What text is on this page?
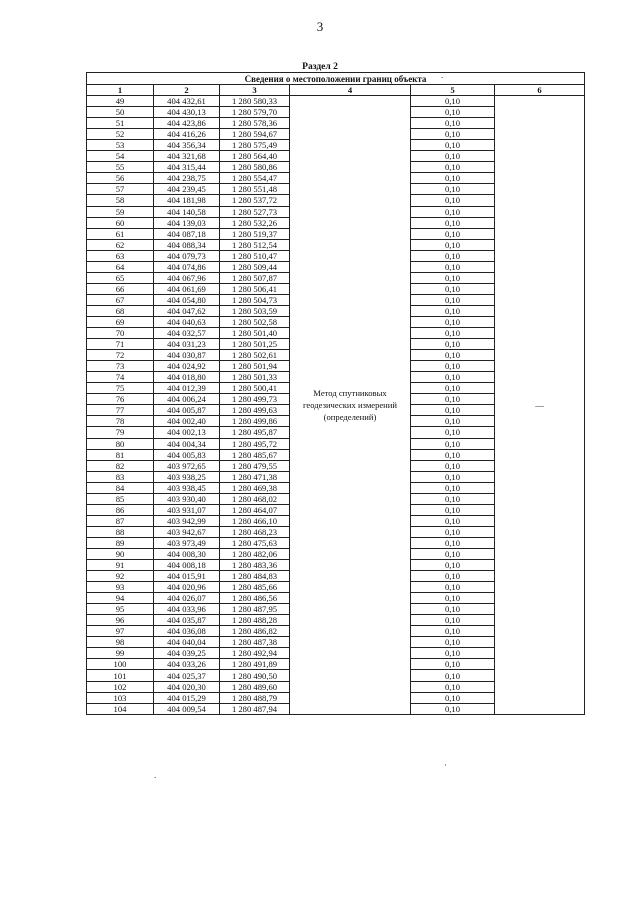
3
Раздел 2
Сведения о местоположении границ объекта					
1	2	3	4	5	6
49	404 432,61	1 280 580,33	Метод спутниковых геодезических измерений (определений)	0,10	—
50	404 430,13	1 280 579,70		0,10	
51	404 423,86	1 280 578,36		0,10	
52	404 416,26	1 280 594,67		0,10	
53	404 356,34	1 280 575,49		0,10	
54	404 321,68	1 280 564,40		0,10	
55	404 315,44	1 280 580,86		0,10	
56	404 238,75	1 280 554,47		0,10	
57	404 239,45	1 280 551,48		0,10	
58	404 181,98	1 280 537,72		0,10	
59	404 140,58	1 280 527,73		0,10	
60	404 139,03	1 280 532,26		0,10	
61	404 087,18	1 280 519,37		0,10	
62	404 088,34	1 280 512,54		0,10	
63	404 079,73	1 280 510,47		0,10	
64	404 074,86	1 280 509,44		0,10	
65	404 067,96	1 280 507,87		0,10	
66	404 061,69	1 280 506,41		0,10	
67	404 054,80	1 280 504,73		0,10	
68	404 047,62	1 280 503,59		0,10	
69	404 040,63	1 280 502,58		0,10	
70	404 032,57	1 280 501,40		0,10	
71	404 031,23	1 280 501,25		0,10	
72	404 030,87	1 280 502,61		0,10	
73	404 024,92	1 280 501,94		0,10	
74	404 018,80	1 280 501,33		0,10	
75	404 012,39	1 280 500,41		0,10	
76	404 006,24	1 280 499,73		0,10	
77	404 005,87	1 280 499,63		0,10	
78	404 002,40	1 280 499,86		0,10	
79	404 002,13	1 280 495,87		0,10	
80	404 004,34	1 280 495,72		0,10	
81	404 005,83	1 280 485,67		0,10	
82	403 972,65	1 280 479,55		0,10	
83	403 938,25	1 280 471,38		0,10	
84	403 938,45	1 280 469,38		0,10	
85	403 930,40	1 280 468,02		0,10	
86	403 931,07	1 280 464,07		0,10	
87	403 942,99	1 280 466,10		0,10	
88	403 942,67	1 280 468,23		0,10	
89	403 973,49	1 280 475,63		0,10	
90	404 008,30	1 280 482,06		0,10	
91	404 008,18	1 280 483,36		0,10	
92	404 015,91	1 280 484,83		0,10	
93	404 020,96	1 280 485,66		0,10	
94	404 026,07	1 280 486,56		0,10	
95	404 033,96	1 280 487,95		0,10	
96	404 035,87	1 280 488,28		0,10	
97	404 036,08	1 280 486,82		0,10	
98	404 040,04	1 280 487,38		0,10	
99	404 039,25	1 280 492,94		0,10	
100	404 033,26	1 280 491,89		0,10	
101	404 025,37	1 280 490,50		0,10	
102	404 020,30	1 280 489,60		0,10	
103	404 015,29	1 280 488,79		0,10	
104	404 009,54	1 280 487,94		0,10	
.
·
.
